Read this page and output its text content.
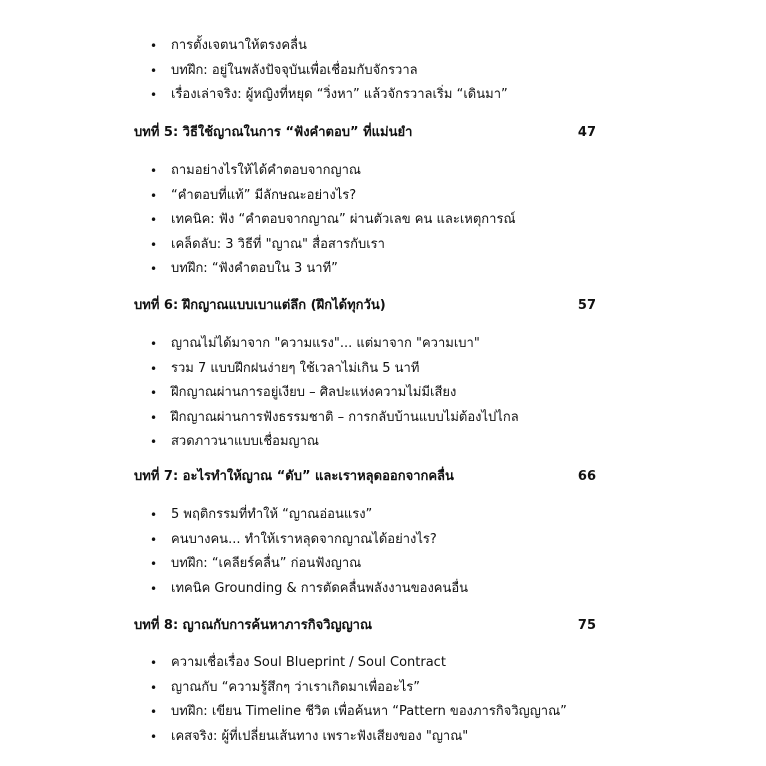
• การตั้งเจตนาให้ตรงคลื่น
• บทฝึก: อยู่ในพลังปัจจุบันเพื่อเชื่อมกับจักรวาล
• เรื่องเล่าจริง: ผู้หญิงที่หยุด “วิ่งหา” แล้วจักรวาลเริ่ม “เดินมา”
บทที่ 5: วิธีใช้ญาณในการ “ฟังคำตอบ” ที่แม่นยำ	47
• ถามอย่างไรให้ได้คำตอบจากญาณ
• “คำตอบที่แท้” มีลักษณะอย่างไร?
• เทคนิค: ฟัง “คำตอบจากญาณ” ผ่านตัวเลข คน และเหตุการณ์
• เคล็ดลับ: 3 วิธีที่ "ญาณ" สื่อสารกับเรา
• บทฝึก: “ฟังคำตอบใน 3 นาที”
บทที่ 6: ฝึกญาณแบบเบาแต่ลึก (ฝึกได้ทุกวัน)	57
• ญาณไม่ได้มาจาก "ความแรง"... แต่มาจาก "ความเบา"
• รวม 7 แบบฝึกฝนง่ายๆ ใช้เวลาไม่เกิน 5 นาที
• ฝึกญาณผ่านการอยู่เงียบ – ศิลปะแห่งความไม่มีเสียง
• ฝึกญาณผ่านการฟังธรรมชาติ – การกลับบ้านแบบไม่ต้องไปไกล
• สวดภาวนาแบบเชื่อมญาณ
บทที่ 7: อะไรทำให้ญาณ “ดับ” และเราหลุดออกจากคลื่น	66
• 5 พฤติกรรมที่ทำให้ “ญาณอ่อนแรง”
• คนบางคน... ทำให้เราหลุดจากญาณได้อย่างไร?
• บทฝึก: “เคลียร์คลื่น” ก่อนฟังญาณ
• เทคนิค Grounding & การตัดคลื่นพลังงานของคนอื่น
บทที่ 8: ญาณกับการค้นหาภารกิจวิญญาณ	75
• ความเชื่อเรื่อง Soul Blueprint / Soul Contract
• ญาณกับ “ความรู้สึกๆ ว่าเราเกิดมาเพื่ออะไร”
• บทฝึก: เขียน Timeline ชีวิต เพื่อค้นหา “Pattern ของภารกิจวิญญาณ”
• เคสจริง: ผู้ที่เปลี่ยนเส้นทาง เพราะฟังเสียงของ "ญาณ"
